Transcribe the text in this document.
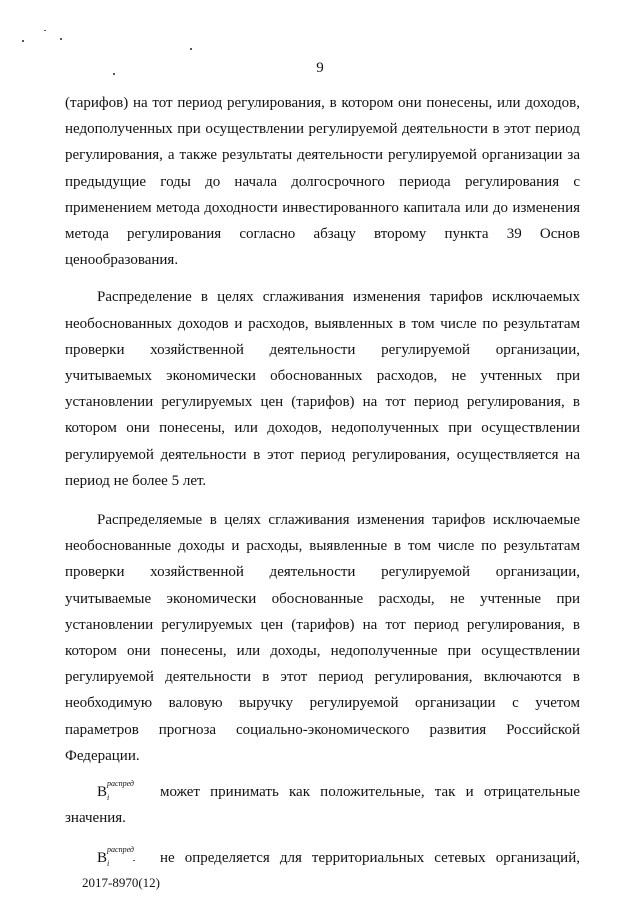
9

(тарифов) на тот период регулирования, в котором они понесены, или доходов, недополученных при осуществлении регулируемой деятельности в этот период регулирования, а также результаты деятельности регулируемой организации за предыдущие годы до начала долгосрочного периода регулирования с применением метода доходности инвестированного капитала или до изменения метода регулирования согласно абзацу второму пункта 39 Основ ценообразования.

Распределение в целях сглаживания изменения тарифов исключаемых необоснованных доходов и расходов, выявленных в том числе по результатам проверки хозяйственной деятельности регулируемой организации, учитываемых экономически обоснованных расходов, не учтенных при установлении регулируемых цен (тарифов) на тот период регулирования, в котором они понесены, или доходов, недополученных при осуществлении регулируемой деятельности в этот период регулирования, осуществляется на период не более 5 лет.

Распределяемые в целях сглаживания изменения тарифов исключаемые необоснованные доходы и расходы, выявленные в том числе по результатам проверки хозяйственной деятельности регулируемой организации, учитываемые экономически обоснованные расходы, не учтенные при установлении регулируемых цен (тарифов) на тот период регулирования, в котором они понесены, или доходы, недополученные при осуществлении регулируемой деятельности в этот период регулирования, включаются в необходимую валовую выручку регулируемой организации с учетом параметров прогноза социально-экономического развития Российской Федерации.

$B^{распред}$
i	может принимать как положительные, так и отрицательные
значения.
$B^{распред}$
i	не определяется для территориальных сетевых организаций,
2017-8970(12)
